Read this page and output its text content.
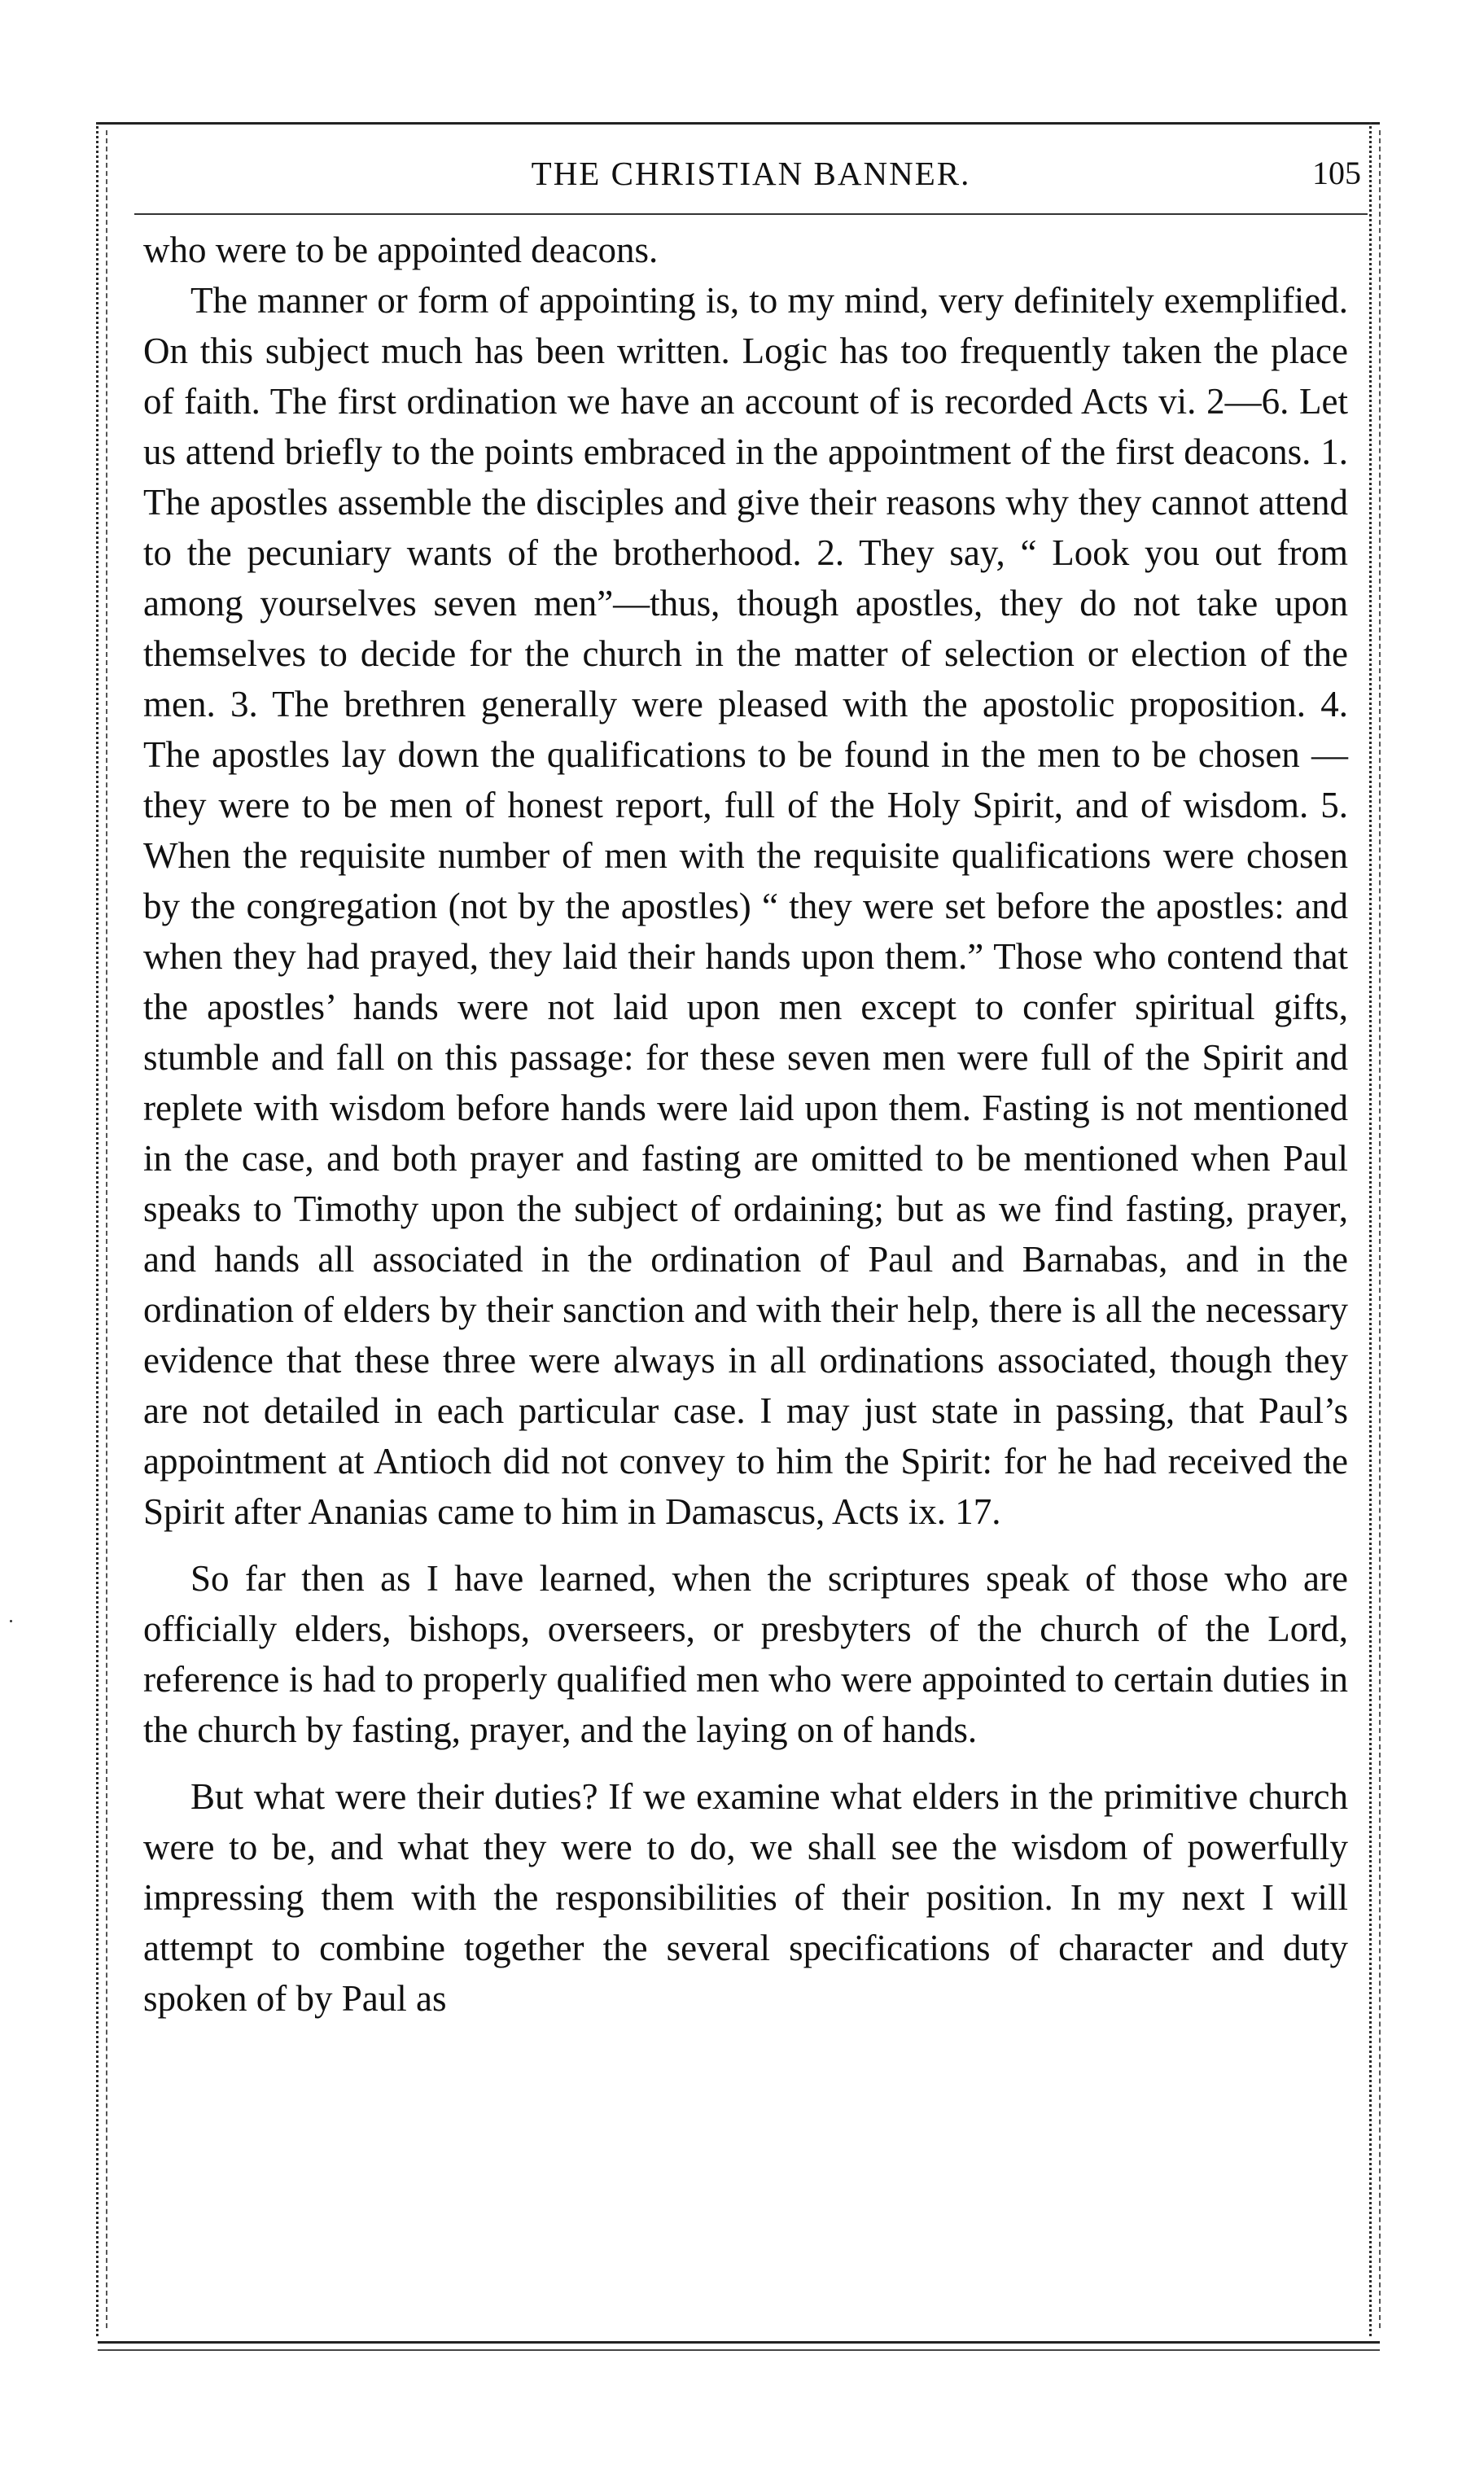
THE CHRISTIAN BANNER.	105

who were to be appointed deacons.

The manner or form of appointing is, to my mind, very definitely exemplified. On this subject much has been written. Logic has too frequently taken the place of faith. The first ordination we have an account of is recorded Acts vi. 2—6. Let us attend briefly to the points embraced in the appointment of the first deacons. 1. The apostles assemble the disciples and give their reasons why they cannot attend to the pecuniary wants of the brotherhood. 2. They say, “ Look you out from among yourselves seven men”—thus, though apostles, they do not take upon themselves to decide for the church in the matter of selection or election of the men. 3. The brethren generally were pleased with the apostolic proposition. 4. The apostles lay down the qualifications to be found in the men to be chosen —they were to be men of honest report, full of the Holy Spirit, and of wisdom. 5. When the requisite number of men with the requisite qualifications were chosen by the congregation (not by the apostles) “ they were set before the apostles: and when they had prayed, they laid their hands upon them.” Those who contend that the apostles’ hands were not laid upon men except to confer spiritual gifts, stumble and fall on this passage: for these seven men were full of the Spirit and replete with wisdom before hands were laid upon them. Fasting is not mentioned in the case, and both prayer and fasting are omitted to be mentioned when Paul speaks to Timothy upon the subject of ordaining; but as we find fasting, prayer, and hands all associated in the ordination of Paul and Barnabas, and in the ordination of elders by their sanction and with their help, there is all the necessary evidence that these three were always in all ordinations associated, though they are not detailed in each particular case. I may just state in passing, that Paul’s appointment at Antioch did not convey to him the Spirit: for he had received the Spirit after Ananias came to him in Damascus, Acts ix. 17.

So far then as I have learned, when the scriptures speak of those who are officially elders, bishops, overseers, or presbyters of the church of the Lord, reference is had to properly qualified men who were appointed to certain duties in the church by fasting, prayer, and the laying on of hands.

But what were their duties? If we examine what elders in the primitive church were to be, and what they were to do, we shall see the wisdom of powerfully impressing them with the responsibilities of their position. In my next I will attempt to combine together the several specifications of character and duty spoken of by Paul as
